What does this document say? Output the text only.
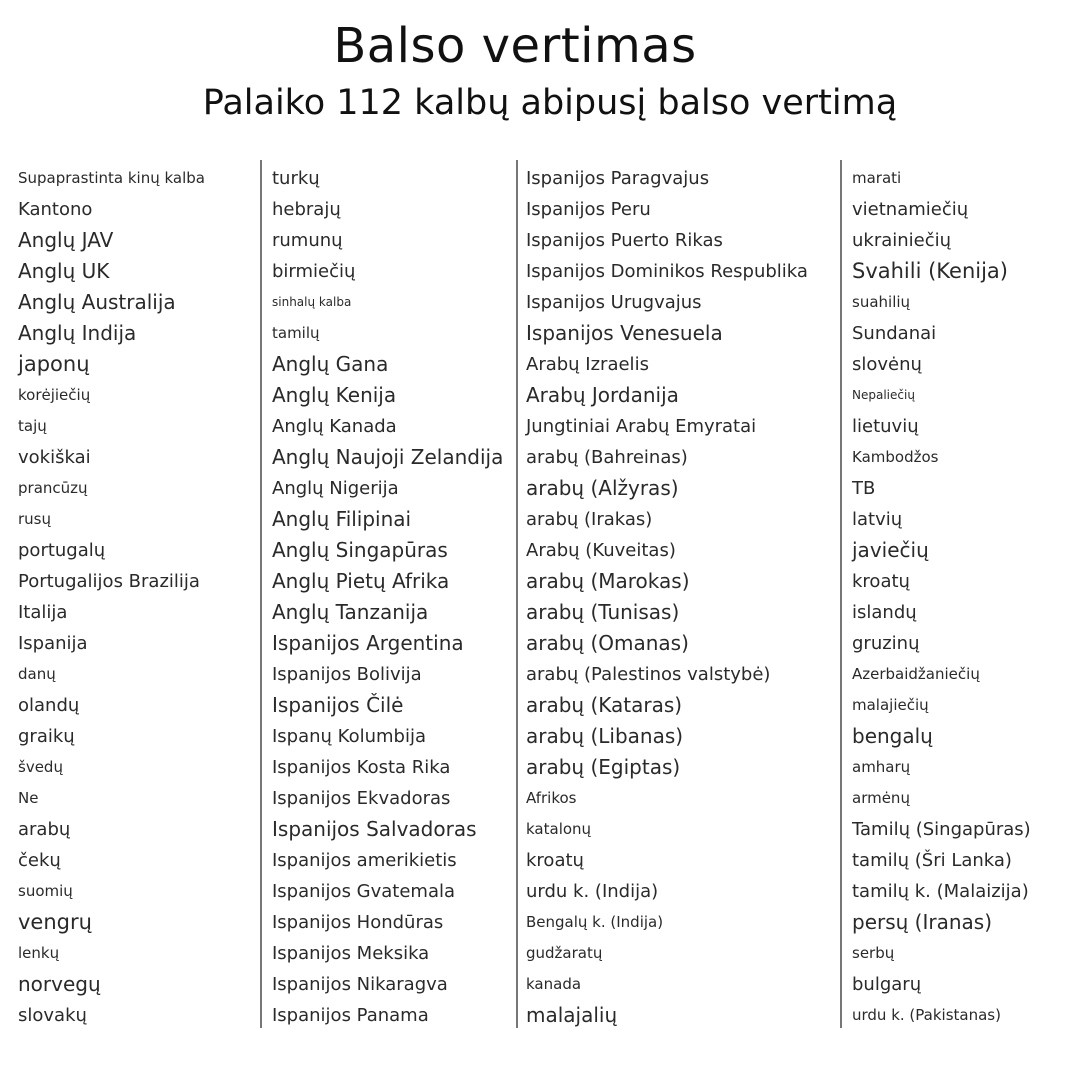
Balso vertimas
Palaiko 112 kalbų abipusį balso vertimą
Supaprastinta kinų kalba
Kantono
Anglų JAV
Anglų UK
Anglų Australija
Anglų Indija
japonų
korėjiečių
tajų
vokiškai
prancūzų
rusų
portugalų
Portugalijos Brazilija
Italija
Ispanija
danų
olandų
graikų
švedų
Ne
arabų
čekų
suomių
vengrų
lenkų
norvegų
slovakų
turkų
hebrajų
rumunų
birmiečių
sinhalų kalba
tamilų
Anglų Gana
Anglų Kenija
Anglų Kanada
Anglų Naujoji Zelandija
Anglų Nigerija
Anglų Filipinai
Anglų Singapūras
Anglų Pietų Afrika
Anglų Tanzanija
Ispanijos Argentina
Ispanijos Bolivija
Ispanijos Čilė
Ispanų Kolumbija
Ispanijos Kosta Rika
Ispanijos Ekvadoras
Ispanijos Salvadoras
Ispanijos amerikietis
Ispanijos Gvatemala
Ispanijos Hondūras
Ispanijos Meksika
Ispanijos Nikaragva
Ispanijos Panama
Ispanijos Paragvajus
Ispanijos Peru
Ispanijos Puerto Rikas
Ispanijos Dominikos Respublika
Ispanijos Urugvajus
Ispanijos Venesuela
Arabų Izraelis
Arabų Jordanija
Jungtiniai Arabų Emyratai
arabų (Bahreinas)
arabų (Alžyras)
arabų (Irakas)
Arabų (Kuveitas)
arabų (Marokas)
arabų (Tunisas)
arabų (Omanas)
arabų (Palestinos valstybė)
arabų (Kataras)
arabų (Libanas)
arabų (Egiptas)
Afrikos
katalonų
kroatų
urdu k. (Indija)
Bengalų k. (Indija)
gudžaratų
kanada
malajalių
marati
vietnamiečių
ukrainiečių
Svahili (Kenija)
suahilių
Sundanai
slovėnų
Nepaliečių
lietuvių
Kambodžos
TB
latvių
javiečių
kroatų
islandų
gruzinų
Azerbaidžaniečių
malajiečių
bengalų
amharų
armėnų
Tamilų (Singapūras)
tamilų (Šri Lanka)
tamilų k. (Malaizija)
persų (Iranas)
serbų
bulgarų
urdu k. (Pakistanas)
